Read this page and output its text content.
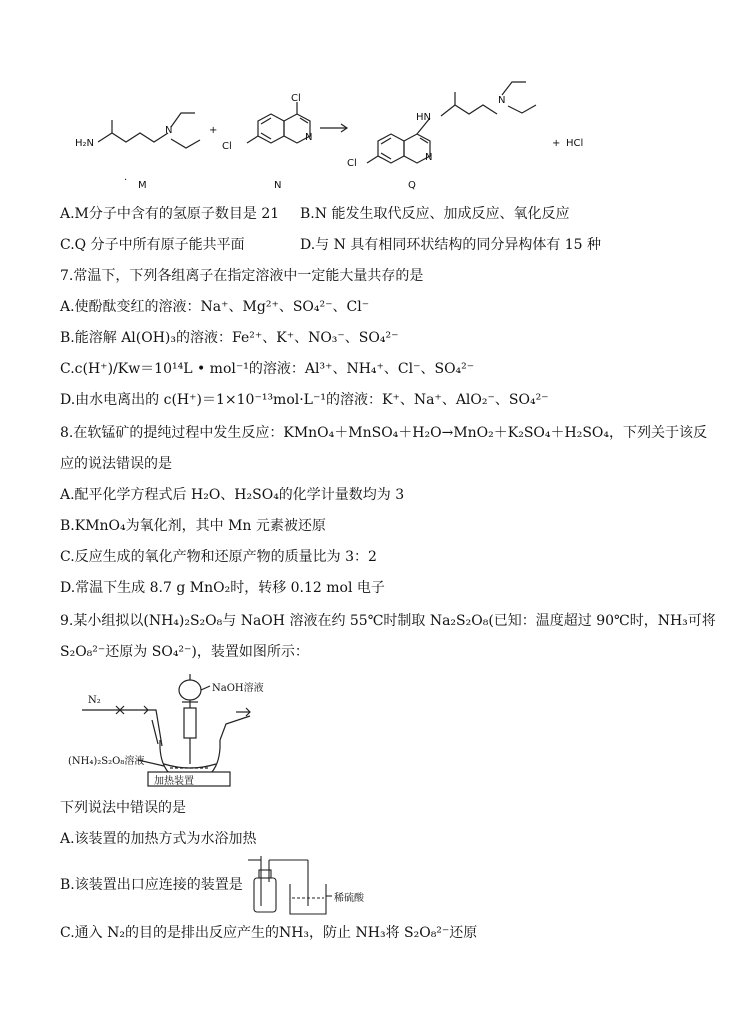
H₂N
N	+
Cl
Cl
N
HN
N
N
Cl
+ HCl
· M	N	Q
A.M分子中含有的氢原子数目是 21 B.N 能发生取代反应、加成反应、氧化反应
C.Q 分子中所有原子能共平面	D.与 N 具有相同环状结构的同分异构体有 15 种
7.常温下，下列各组离子在指定溶液中一定能大量共存的是
A.使酚酞变红的溶液：Na⁺、Mg²⁺、SO₄²⁻、Cl⁻
B.能溶解 Al(OH)₃的溶液：Fe²⁺、K⁺、NO₃⁻、SO₄²⁻
C.c(H⁺)/Kw＝10¹⁴L • mol⁻¹的溶液：Al³⁺、NH₄⁺、Cl⁻、SO₄²⁻
D.由水电离出的 c(H⁺)＝1×10⁻¹³mol·L⁻¹的溶液：K⁺、Na⁺、AlO₂⁻、SO₄²⁻
8.在软锰矿的提纯过程中发生反应：KMnO₄＋MnSO₄＋H₂O→MnO₂＋K₂SO₄＋H₂SO₄，下列关于该反
应的说法错误的是
A.配平化学方程式后 H₂O、H₂SO₄的化学计量数均为 3
B.KMnO₄为氧化剂，其中 Mn 元素被还原
C.反应生成的氧化产物和还原产物的质量比为 3：2
D.常温下生成 8.7 g MnO₂时，转移 0.12 mol 电子
9.某小组拟以(NH₄)₂S₂O₈与 NaOH 溶液在约 55℃时制取 Na₂S₂O₈(已知：温度超过 90℃时，NH₃可将
S₂O₈²⁻还原为 SO₄²⁻)，装置如图所示：
N₂
NaOH溶液
(NH₄)₂S₂O₈溶液
加热装置
下列说法中错误的是
A.该装置的加热方式为水浴加热
B.该装置出口应连接的装置是
稀硫酸
C.通入 N₂的目的是排出反应产生的NH₃，防止 NH₃将 S₂O₈²⁻还原
